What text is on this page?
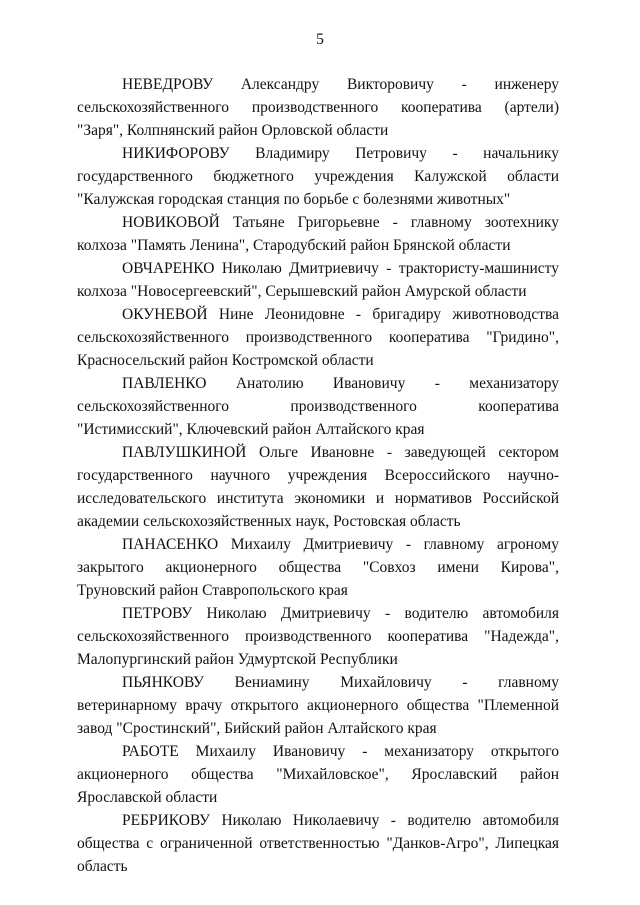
5
НЕВЕДРОВУ Александру Викторовичу - инженеру
сельскохозяйственного производственного кооператива (артели)
"Заря", Колпнянский район Орловской области
НИКИФОРОВУ Владимиру Петровичу - начальнику
государственного бюджетного учреждения Калужской области
"Калужская городская станция по борьбе с болезнями животных"
НОВИКОВОЙ Татьяне Григорьевне - главному зоотехнику
колхоза "Память Ленина", Стародубский район Брянской области
ОВЧАРЕНКО Николаю Дмитриевичу - трактористу-машинисту
колхоза "Новосергеевский", Серышевский район Амурской области
ОКУНЕВОЙ Нине Леонидовне - бригадиру животноводства
сельскохозяйственного производственного кооператива "Гридино",
Красносельский район Костромской области
ПАВЛЕНКО Анатолию Ивановичу - механизатору
сельскохозяйственного производственного кооператива
"Истимисский", Ключевский район Алтайского края
ПАВЛУШКИНОЙ Ольге Ивановне - заведующей сектором
государственного научного учреждения Всероссийского научно-
исследовательского института экономики и нормативов Российской
академии сельскохозяйственных наук, Ростовская область
ПАНАСЕНКО Михаилу Дмитриевичу - главному агроному
закрытого акционерного общества "Совхоз имени Кирова",
Труновский район Ставропольского края
ПЕТРОВУ Николаю Дмитриевичу - водителю автомобиля
сельскохозяйственного производственного кооператива "Надежда",
Малопургинский район Удмуртской Республики
ПЬЯНКОВУ Вениамину Михайловичу - главному
ветеринарному врачу открытого акционерного общества "Племенной
завод "Сростинский", Бийский район Алтайского края
РАБОТЕ Михаилу Ивановичу - механизатору открытого
акционерного общества "Михайловское", Ярославский район
Ярославской области
РЕБРИКОВУ Николаю Николаевичу - водителю автомобиля
общества с ограниченной ответственностью "Данков-Агро", Липецкая
область
